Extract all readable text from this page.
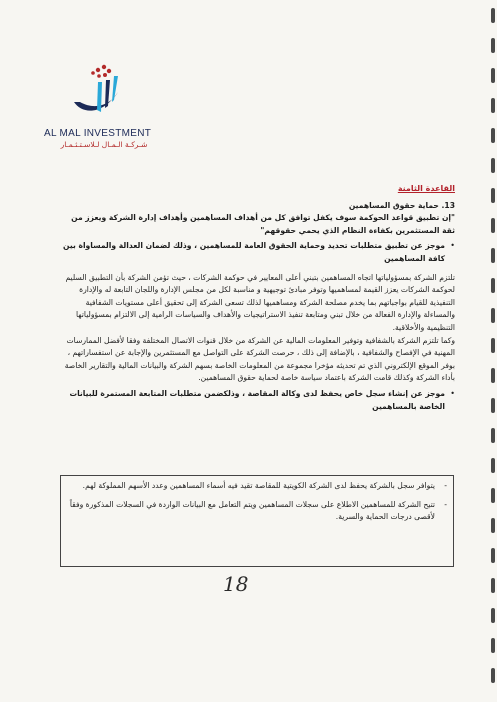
AL MAL INVESTMENT
شـركـة الـمـال لـلاسـتـثـمـار
القاعدة الثامنة
13. حماية حقوق المساهمين

"إن تطبيق قواعد الحوكمة سوف يكفل توافق كل من أهداف المساهمين وأهداف إدارة الشركة ويعزز من ثقة المستثمرين بكفاءة النظام الذي يحمي حقوقهم"

•
موجز عن تطبيق متطلبات تحديد وحماية الحقوق العامة للمساهمين ، وذلك لضمان العدالة والمساواة بين كافة المساهمين

تلتزم الشركة بمسؤولياتها اتجاه المساهمين بتبني أعلى المعايير في حوكمة الشركات ، حيث تؤمن الشركة بأن التطبيق السليم لحوكمة الشركات يعزز القيمة لمساهميها وتوفر مبادئ توجيهية و مناسبة لكل من مجلس الإدارة واللجان التابعة له والإدارة التنفيذية للقيام بواجباتهم بما يخدم مصلحة الشركة ومساهميها لذلك تسعى الشركة إلى تحقيق أعلى مستويات الشفافية والمساءلة والإدارة الفعالة من خلال تبني ومتابعة تنفيذ الاستراتيجيات والأهداف والسياسات الرامية إلى الالتزام بمسؤولياتها التنظيمية والأخلاقية.

وكما تلتزم الشركة بالشفافية وتوفير المعلومات المالية عن الشركة من خلال قنوات الاتصال المختلفة وفقا لأفضل الممارسات المهنية في الإفصاح والشفافية ، بالإضافة إلى ذلك ، حرصت الشركة على التواصل مع المستثمرين والإجابة عن استفساراتهم ، بوفر الموقع الإلكتروني الذي تم تحديثه مؤخرا مجموعة من المعلومات الخاصة بسهم الشركة والبيانات المالية والتقارير الخاصة بأداء الشركة وكذلك قامت الشركة باعتماد سياسة خاصة لحماية حقوق المساهمين.

•
موجز عن إنشاء سجل خاص يحفظ لدى وكالة المقاصة ، وذلكضمن متطلبات المتابعة المستمرة للبيانات الخاصة بالمساهمين
-
يتوافر سجل بالشركة يحفظ لدى الشركة الكويتية للمقاصة تقيد فيه أسماء المساهمين وعدد الأسهم المملوكة لهم.
-
تتيح الشركة للمساهمين الاطلاع على سجلات المساهمين ويتم التعامل مع البيانات الواردة في السجلات المذكورة وفقاً لأقصى درجات الحماية والسرية.
18
